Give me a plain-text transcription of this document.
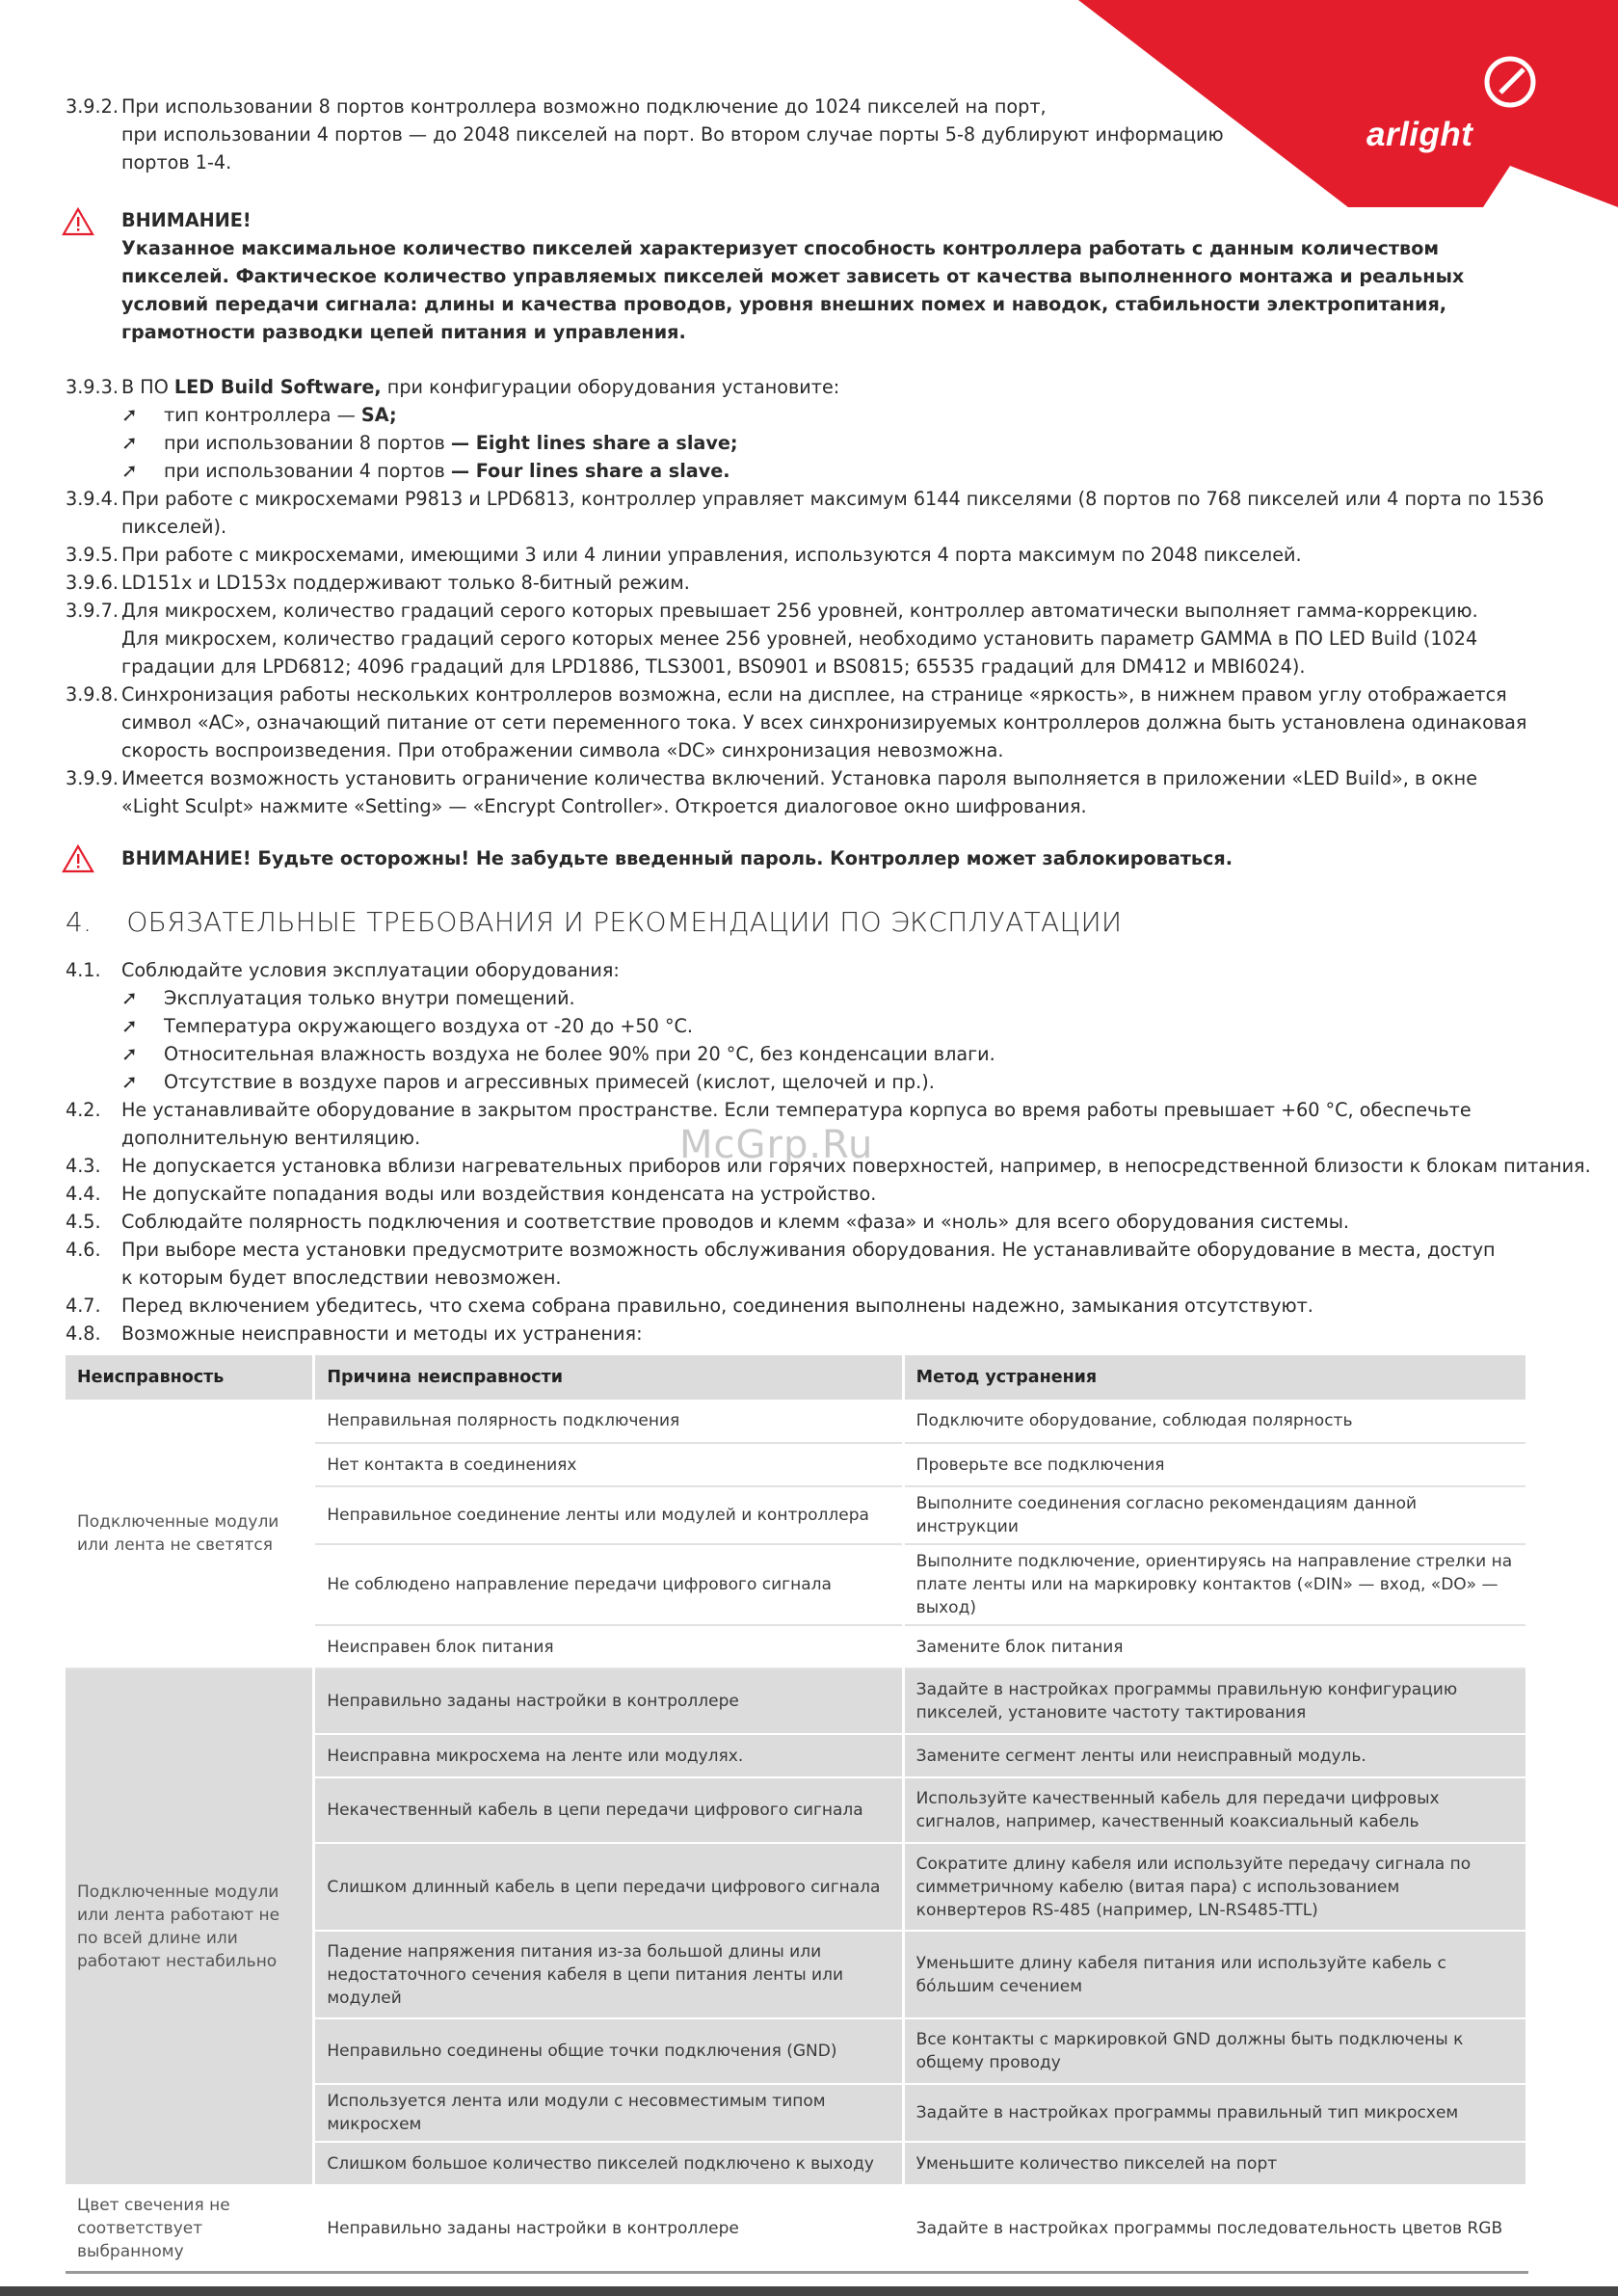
arlight
3.9.2. При использовании 8 портов контроллера возможно подключение до 1024 пикселей на порт,
при использовании 4 портов — до 2048 пикселей на порт. Во втором случае порты 5-8 дублируют информацию
портов 1-4.
ВНИМАНИЕ!
Указанное максимальное количество пикселей характеризует способность контроллера работать с данным количеством
пикселей. Фактическое количество управляемых пикселей может зависеть от качества выполненного монтажа и реальных
условий передачи сигнала: длины и качества проводов, уровня внешних помех и наводок, стабильности электропитания,
грамотности разводки цепей питания и управления.
3.9.3. В ПО LED Build Software, при конфигурации оборудования установите:
➚ тип контроллера — SA;
➚ при использовании 8 портов — Eight lines share a slave;
➚ при использовании 4 портов — Four lines share a slave.
3.9.4. При работе с микросхемами P9813 и LPD6813, контроллер управляет максимум 6144 пикселями (8 портов по 768 пикселей или 4 порта по 1536
пикселей).
3.9.5. При работе с микросхемами, имеющими 3 или 4 линии управления, используются 4 порта максимум по 2048 пикселей.
3.9.6. LD151x и LD153x поддерживают только 8-битный режим.
3.9.7. Для микросхем, количество градаций серого которых превышает 256 уровней, контроллер автоматически выполняет гамма-коррекцию.
Для микросхем, количество градаций серого которых менее 256 уровней, необходимо установить параметр GAMMA в ПО LED Build (1024
градации для LPD6812; 4096 градаций для LPD1886, TLS3001, BS0901 и BS0815; 65535 градаций для DM412 и MBI6024).
3.9.8. Синхронизация работы нескольких контроллеров возможна, если на дисплее, на странице «яркость», в нижнем правом углу отображается
символ «AC», означающий питание от сети переменного тока. У всех синхронизируемых контроллеров должна быть установлена одинаковая
скорость воспроизведения. При отображении символа «DC» синхронизация невозможна.
3.9.9. Имеется возможность установить ограничение количества включений. Установка пароля выполняется в приложении «LED Build», в окне
«Light Sculpt» нажмите «Setting» — «Encrypt Controller». Откроется диалоговое окно шифрования.
ВНИМАНИЕ! Будьте осторожны! Не забудьте введенный пароль. Контроллер может заблокироваться.
4. ОБЯЗАТЕЛЬНЫЕ ТРЕБОВАНИЯ И РЕКОМЕНДАЦИИ ПО ЭКСПЛУАТАЦИИ
4.1. Соблюдайте условия эксплуатации оборудования:
➚ Эксплуатация только внутри помещений.
➚ Температура окружающего воздуха от -20 до +50 °C.
➚ Относительная влажность воздуха не более 90% при 20 °C, без конденсации влаги.
➚ Отсутствие в воздухе паров и агрессивных примесей (кислот, щелочей и пр.).
4.2. Не устанавливайте оборудование в закрытом пространстве. Если температура корпуса во время работы превышает +60 °C, обеспечьте
дополнительную вентиляцию.	McGrp.Ru
4.3. Не допускается установка вблизи нагревательных приборов или горячих поверхностей, например, в непосредственной близости к блокам питания.
4.4. Не допускайте попадания воды или воздействия конденсата на устройство.
4.5. Соблюдайте полярность подключения и соответствие проводов и клемм «фаза» и «ноль» для всего оборудования системы.
4.6. При выборе места установки предусмотрите возможность обслуживания оборудования. Не устанавливайте оборудование в места, доступ
к которым будет впоследствии невозможен.
4.7. Перед включением убедитесь, что схема собрана правильно, соединения выполнены надежно, замыкания отсутствуют.
4.8. Возможные неисправности и методы их устранения:
Неисправность	Причина неисправности	Метод устранения
Подключенные модули или лента не светятся	Неправильная полярность подключения	Подключите оборудование, соблюдая полярность
	Нет контакта в соединениях	Проверьте все подключения
	Неправильное соединение ленты или модулей и контроллера	Выполните соединения согласно рекомендациям данной инструкции
	Не соблюдено направление передачи цифрового сигнала	Выполните подключение, ориентируясь на направление стрелки на плате ленты или на маркировку контактов («DIN» — вход, «DO» — выход)
	Неисправен блок питания	Замените блок питания
Подключенные модули или лента работают не по всей длине или работают нестабильно	Неправильно заданы настройки в контроллере	Задайте в настройках программы правильную конфигурацию пикселей, установите частоту тактирования
	Неисправна микросхема на ленте или модулях.	Замените сегмент ленты или неисправный модуль.
	Некачественный кабель в цепи передачи цифрового сигнала	Используйте качественный кабель для передачи цифровых сигналов, например, качественный коаксиальный кабель
	Слишком длинный кабель в цепи передачи цифрового сигнала	Сократите длину кабеля или используйте передачу сигнала по симметричному кабелю (витая пара) с использованием конвертеров RS-485 (например, LN-RS485-TTL)
	Падение напряжения питания из-за большой длины или недостаточного сечения кабеля в цепи питания ленты или модулей	Уменьшите длину кабеля питания или используйте кабель с бóльшим сечением
	Неправильно соединены общие точки подключения (GND)	Все контакты с маркировкой GND должны быть подключены к общему проводу
	Используется лента или модули с несовместимым типом микросхем	Задайте в настройках программы правильный тип микросхем
	Слишком большое количество пикселей подключено к выходу	Уменьшите количество пикселей на порт
Цвет свечения не соответствует выбранному	Неправильно заданы настройки в контроллере	Задайте в настройках программы последовательность цветов RGB
